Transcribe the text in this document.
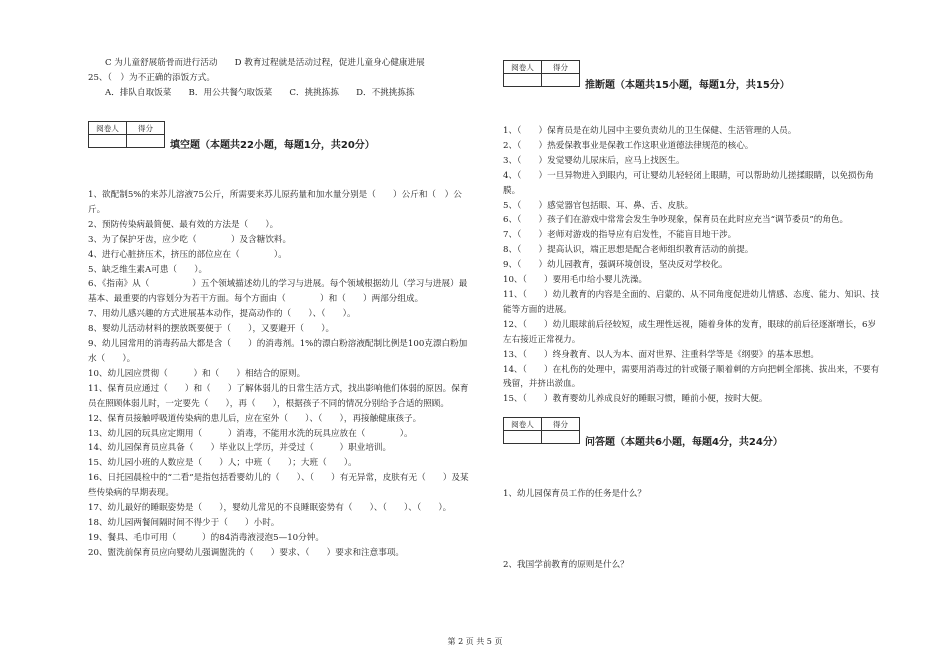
C 为儿童舒展筋骨而进行活动　　D 教育过程就是活动过程，促进儿童身心健康进展
25、（　）为不正确的添饭方式。
A．排队自取饭菜　　B．用公共餐勺取饭菜　　C．挑挑拣拣　　D．不挑挑拣拣
阅卷人	得分

填空题（本题共22小题，每题1分，共20分）
1、欲配制5%的来苏儿溶液75公斤，所需要来苏儿原药量和加水量分别是（　　）公斤和（　）公斤。
2、预防传染病最简便、最有效的方法是（　　）。
3、为了保护牙齿，应少吃（　　　　）及含糖饮料。
4、进行心脏挤压术，挤压的部位应在（　　　　）。
5、缺乏维生素A可患（　　）。
6、《指南》从（　　　　　）五个领域描述幼儿的学习与进展。每个领域根据幼儿（学习与进展）最基本、最重要的内容划分为若干方面。每个方面由（　　　　）和（　　）两部分组成。
7、用幼儿感兴趣的方式进展基本动作，提高动作的（　　）、（　　）。
8、婴幼儿活动材料的摆放既要便于（　　），又要避开（　　）。
9、幼儿园常用的消毒药品大都是含（　　）的消毒剂。1%的漂白粉溶液配制比例是100克漂白粉加水（　　）。
10、幼儿园应贯彻（　　　）和（　　）相结合的原则。
11、保育员应通过（　　）和（　　）了解体弱儿的日常生活方式，找出影响他们体弱的原因。保育员在照顾体弱儿时，一定要先（　　），再（　　），根据孩子不同的情况分别给予合适的照顾。
12、保育员接触呼吸道传染病的患儿后，应在室外（　　）、（　　），再接触健康孩子。
13、幼儿园的玩具应定期用（　　　）消毒，不能用水洗的玩具应放在（　　　　）。
14、幼儿园保育员应具备（　　）毕业以上学历，并受过（　　　）职业培训。
15、幼儿园小班的人数应是（　　）人；中班（　　）；大班（　　）。
16、日托园晨检中的“二看”是指包括看婴幼儿的（　　）、（　　）有无异常，皮肤有无（　　）及某些传染病的早期表现。
17、幼儿最好的睡眠姿势是（　　），婴幼儿常见的不良睡眠姿势有（　　）、（　　）、（　　）。
18、幼儿园两餐间隔时间不得少于（　　）小时。
19、餐具、毛巾可用（　　　）的84消毒液浸泡5—10分钟。
20、盥洗前保育员应向婴幼儿强调盥洗的（　　）要求、（　　）要求和注意事项。
阅卷人	得分

推断题（本题共15小题，每题1分，共15分）
1、（　　）保育员是在幼儿园中主要负责幼儿的卫生保健、生活管理的人员。
2、（　　）热爱保教事业是保教工作这职业道德法律规范的核心。
3、（　　）发觉婴幼儿尿床后，应马上找医生。
4、（　　）一旦异物进入到眼内，可让婴幼儿轻轻闭上眼睛，可以帮助幼儿搓揉眼睛，以免损伤角膜。
5、（　　）感觉器官包括眼、耳、鼻、舌、皮肤。
6、（　　）孩子们在游戏中常常会发生争吵现象，保育员在此时应充当“调节委员”的角色。
7、（　　）老师对游戏的指导应有启发性，不能盲目地干涉。
8、（　　）提高认识，端正思想是配合老师组织教育活动的前提。
9、（　　）幼儿园教育，强调环境创设，坚决反对学校化。
10、（　　）要用毛巾给小婴儿洗澡。
11、（　　）幼儿教育的内容是全面的、启蒙的、从不同角度促进幼儿情感、态度、能力、知识、技能等方面的进展。
12、（　　）幼儿眼球前后径较短，成生理性远视，随着身体的发育，眼球的前后径逐渐增长，6岁左右接近正常视力。
13、（　　）终身教育、以人为本、面对世界、注重科学等是《纲要》的基本思想。
14、（　　）在札伤的处理中，需要用消毒过的针或镊子顺着刺的方向把刺全部挑、拔出来，不要有残留，并挤出淤血。
15、（　　）教育婴幼儿养成良好的睡眠习惯，睡前小便，按时大便。
阅卷人	得分

问答题（本题共6小题，每题4分，共24分）
1、幼儿园保育员工作的任务是什么？
2、我国学前教育的原则是什么？
第 2 页 共 5 页
